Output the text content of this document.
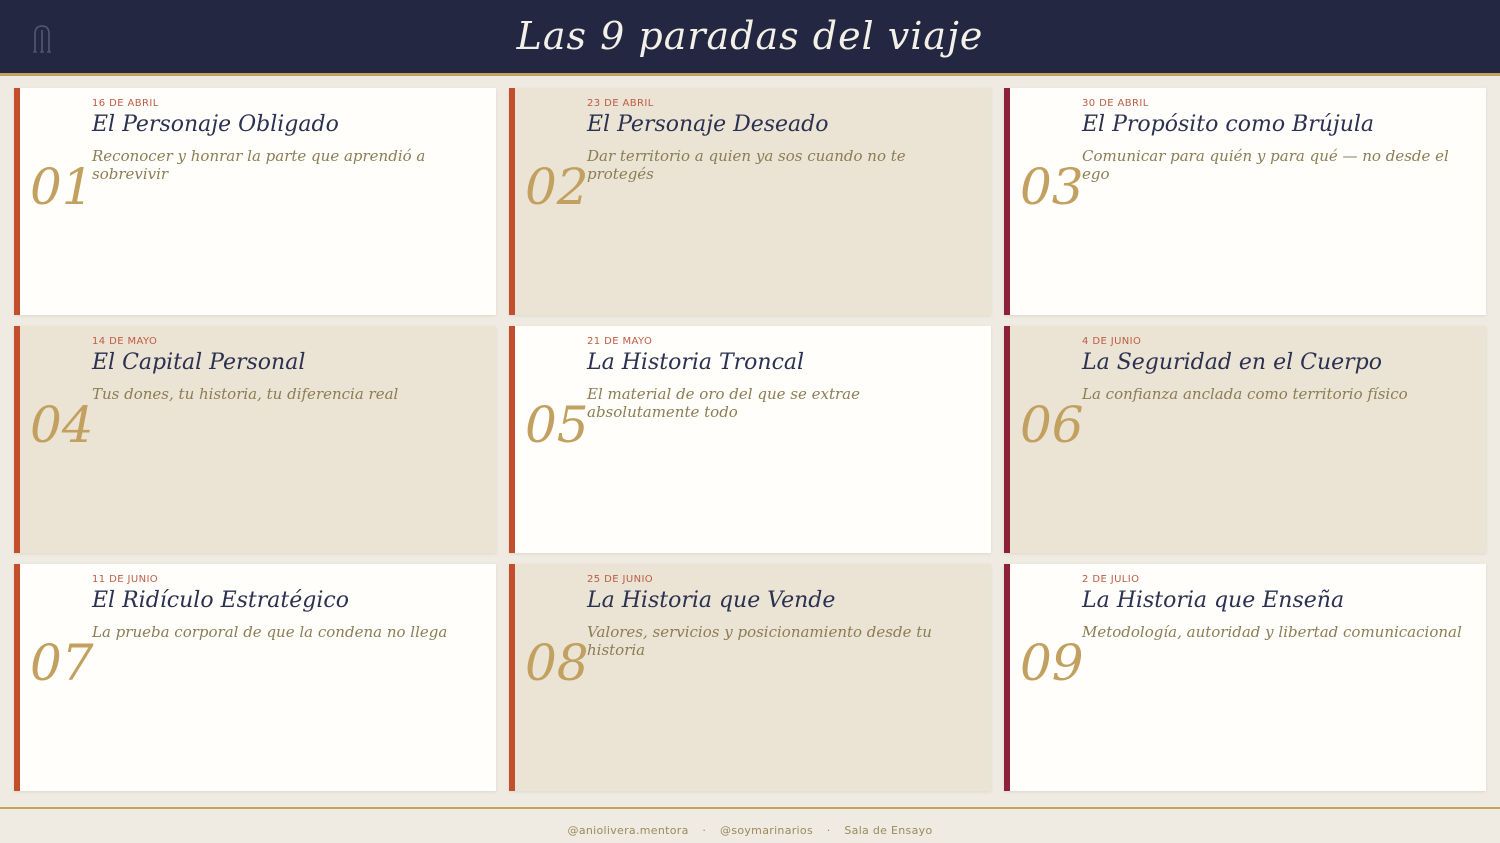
Las 9 paradas del viaje
16 DE ABRIL
El Personaje Obligado

Reconocer y honrar la parte que aprendió a sobrevivir

01
23 DE ABRIL
El Personaje Deseado

Dar territorio a quien ya sos cuando no te protegés

02
30 DE ABRIL
El Propósito como Brújula

Comunicar para quién y para qué — no desde el ego

03
14 DE MAYO
El Capital Personal

Tus dones, tu historia, tu diferencia real

04
21 DE MAYO
La Historia Troncal

El material de oro del que se extrae absolutamente todo

05
4 DE JUNIO
La Seguridad en el Cuerpo

La confianza anclada como territorio físico

06
11 DE JUNIO
El Ridículo Estratégico

La prueba corporal de que la condena no llega

07
25 DE JUNIO
La Historia que Vende

Valores, servicios y posicionamiento desde tu historia

08
2 DE JULIO
La Historia que Enseña

Metodología, autoridad y libertad comunicacional

09
@aniolivera.mentora · @soymarinarios · Sala de Ensayo
